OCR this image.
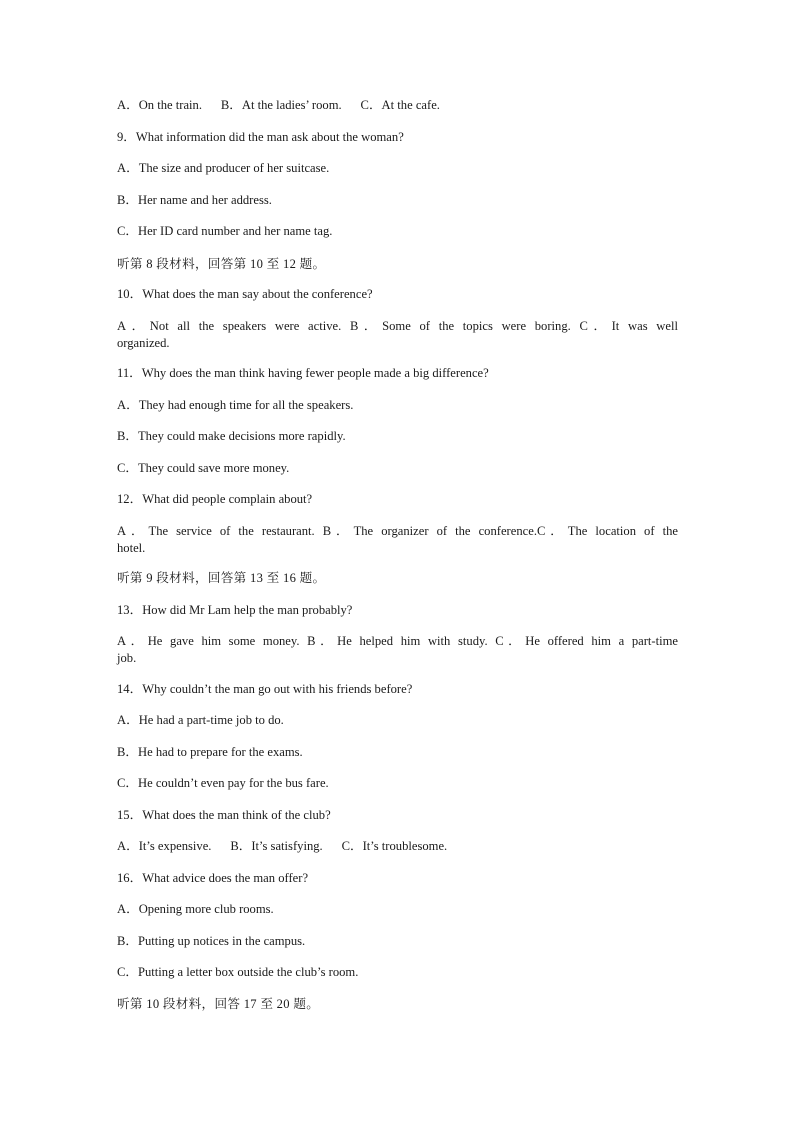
A．On the train.      B．At the ladies’ room.      C．At the cafe.
9．What information did the man ask about the woman?
A．The size and producer of her suitcase.
B．Her name and her address.
C．Her ID card number and her name tag.
听第 8 段材料，回答第 10 至 12 题。
10．What does the man say about the conference?
A．Not all the speakers were active. B．Some of the topics were boring. C．It was well
organized.
11．Why does the man think having fewer people made a big difference?
A．They had enough time for all the speakers.
B．They could make decisions more rapidly.
C．They could save more money.
12．What did people complain about?
A．The service of the restaurant. B．The organizer of the conference.C．The location of the
hotel.
听第 9 段材料，回答第 13 至 16 题。
13．How did Mr Lam help the man probably?
A．He gave him some money. B．He helped him with study. C．He offered him a part-time
job.
14．Why couldn’t the man go out with his friends before?
A．He had a part-time job to do.
B．He had to prepare for the exams.
C．He couldn’t even pay for the bus fare.
15．What does the man think of the club?
A．It’s expensive.      B．It’s satisfying.      C．It’s troublesome.
16．What advice does the man offer?
A．Opening more club rooms.
B．Putting up notices in the campus.
C．Putting a letter box outside the club’s room.
听第 10 段材料，回答 17 至 20 题。
